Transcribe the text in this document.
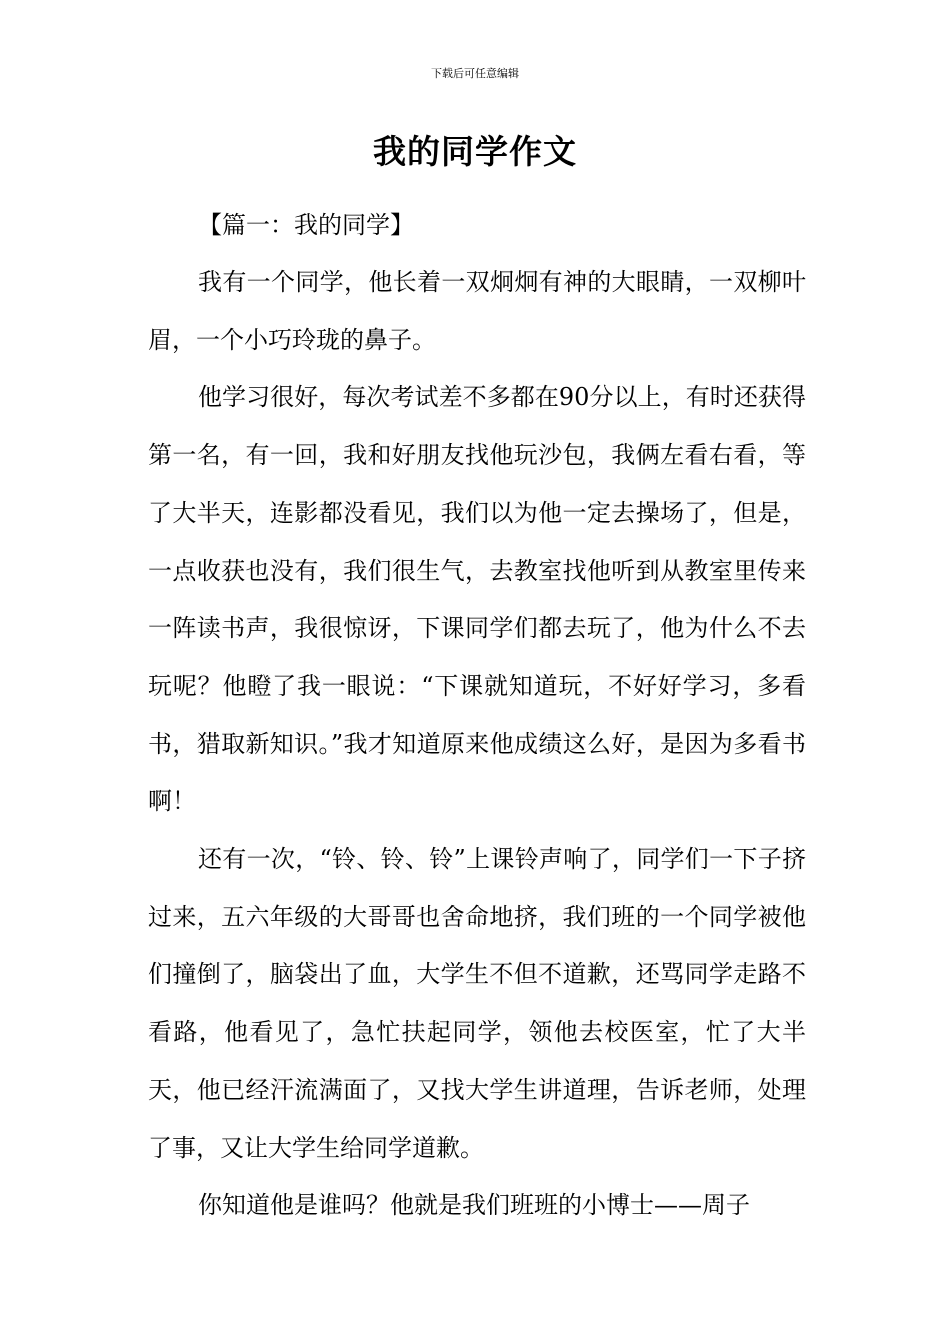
下载后可任意编辑
我的同学作文
【篇一：我的同学】

我有一个同学，他长着一双炯炯有神的大眼睛，一双柳叶眉，一个小巧玲珑的鼻子。

他学习很好，每次考试差不多都在90分以上，有时还获得第一名，有一回，我和好朋友找他玩沙包，我俩左看右看，等了大半天，连影都没看见，我们以为他一定去操场了，但是，一点收获也没有，我们很生气，去教室找他听到从教室里传来一阵读书声，我很惊讶，下课同学们都去玩了，他为什么不去玩呢？他瞪了我一眼说：“下课就知道玩，不好好学习，多看书，猎取新知识。”我才知道原来他成绩这么好，是因为多看书啊！

还有一次，“铃、铃、铃”上课铃声响了，同学们一下子挤过来，五六年级的大哥哥也舍命地挤，我们班的一个同学被他们撞倒了，脑袋出了血，大学生不但不道歉，还骂同学走路不看路，他看见了，急忙扶起同学，领他去校医室，忙了大半天，他已经汗流满面了，又找大学生讲道理，告诉老师，处理了事，又让大学生给同学道歉。

你知道他是谁吗？他就是我们班班的小博士——周子
